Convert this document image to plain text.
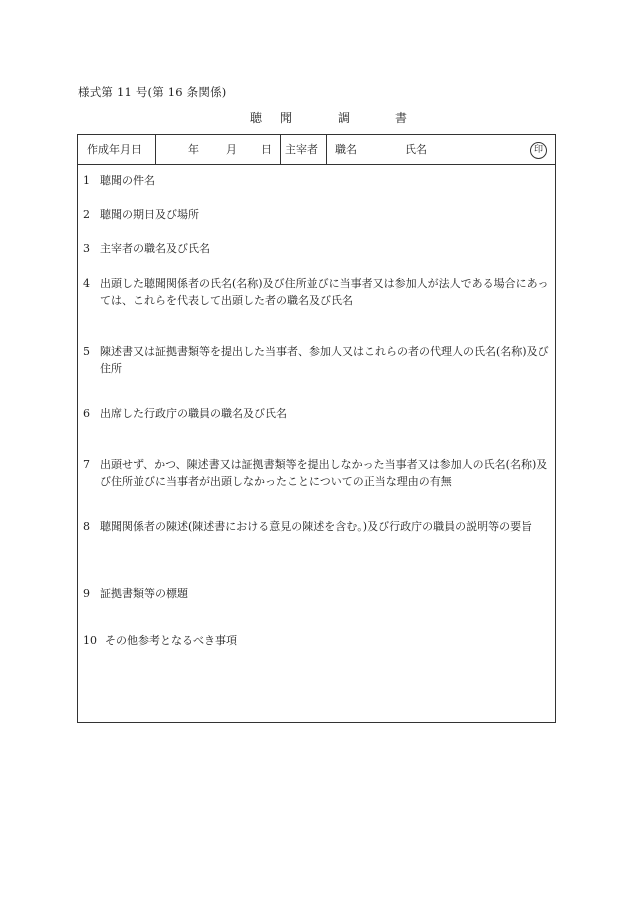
様式第 11 号(第 16 条関係)
聴 聞	調	書
作成年月日	年 月 日 主宰者 職名	氏名	印
1 聴聞の件名
2 聴聞の期日及び場所
3 主宰者の職名及び氏名
4 出頭した聴聞関係者の氏名(名称)及び住所並びに当事者又は参加人が法人である場合にあっては、これらを代表して出頭した者の職名及び氏名
5 陳述書又は証拠書類等を提出した当事者、参加人又はこれらの者の代理人の氏名(名称)及び住所
6 出席した行政庁の職員の職名及び氏名
7 出頭せず、かつ、陳述書又は証拠書類等を提出しなかった当事者又は参加人の氏名(名称)及び住所並びに当事者が出頭しなかったことについての正当な理由の有無
8 聴聞関係者の陳述(陳述書における意見の陳述を含む。)及び行政庁の職員の説明等の要旨
9 証拠書類等の標題
10 その他参考となるべき事項
